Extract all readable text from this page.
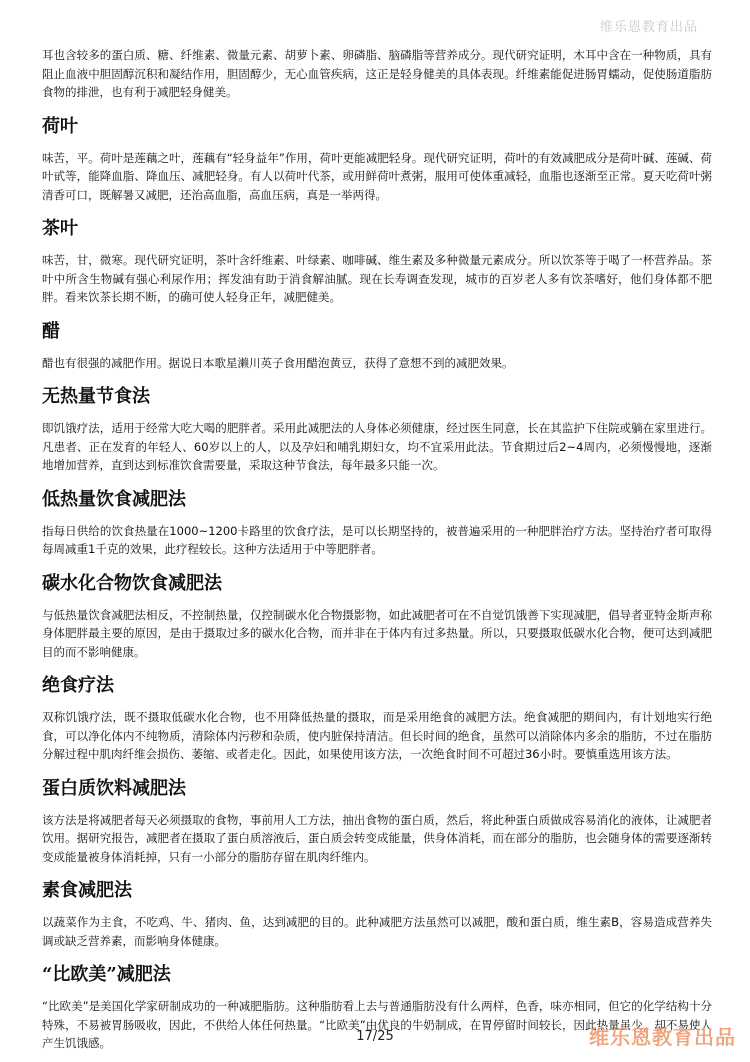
维乐恩教育出品

耳也含较多的蛋白质、糖、纤维素、微量元素、胡萝卜素、卵磷脂、脑磷脂等营养成分。现代研究证明，木耳中含在一种物质，具有阻止血液中胆固醇沉积和凝结作用，胆固醇少，无心血管疾病，这正是轻身健美的具体表现。纤维素能促进肠胃蠕动，促使肠道脂肪食物的排泄，也有利于减肥轻身健美。

荷叶

味苦，平。荷叶是莲藕之叶，莲藕有“轻身益年”作用，荷叶更能减肥轻身。现代研究证明，荷叶的有效减肥成分是荷叶碱、莲碱、荷叶甙等，能降血脂、降血压、减肥轻身。有人以荷叶代茶，或用鲜荷叶煮粥，服用可使体重减轻，血脂也逐渐至正常。夏天吃荷叶粥清香可口，既解暑又减肥，还治高血脂，高血压病，真是一举两得。

茶叶

味苦，甘，微寒。现代研究证明，茶叶含纤维素、叶绿素、咖啡碱、维生素及多种微量元素成分。所以饮茶等于喝了一杯营养品。茶叶中所含生物碱有强心利尿作用；挥发油有助于消食解油腻。现在长寿调查发现，城市的百岁老人多有饮茶嗜好，他们身体都不肥胖。看来饮茶长期不断，的确可使人轻身正年，减肥健美。

醋

醋也有很强的减肥作用。据说日本歌星濑川英子食用醋泡黄豆，获得了意想不到的减肥效果。

无热量节食法

即饥饿疗法，适用于经常大吃大喝的肥胖者。采用此减肥法的人身体必须健康，经过医生同意，长在其监护下住院或躺在家里进行。凡患者、正在发育的年轻人、60岁以上的人，以及孕妇和哺乳期妇女，均不宜采用此法。节食期过后2~4周内，必须慢慢地，逐渐地增加营养，直到达到标准饮食需要量，采取这种节食法，每年最多只能一次。

低热量饮食减肥法

指每日供给的饮食热量在1000~1200卡路里的饮食疗法，是可以长期坚持的，被普遍采用的一种肥胖治疗方法。坚持治疗者可取得每周减重1千克的效果，此疗程较长。这种方法适用于中等肥胖者。

碳水化合物饮食减肥法

与低热量饮食减肥法相反，不控制热量，仅控制碳水化合物摄影物，如此减肥者可在不自觉饥饿善下实现减肥，倡导者亚特金斯声称身体肥胖最主要的原因，是由于摄取过多的碳水化合物，而并非在于体内有过多热量。所以，只要摄取低碳水化合物，便可达到减肥目的而不影响健康。

绝食疗法

双称饥饿疗法，既不摄取低碳水化合物，也不用降低热量的摄取，而是采用绝食的减肥方法。绝食减肥的期间内，有计划地实行绝食，可以净化体内不纯物质，清除体内污秽和杂质，使内脏保持清洁。但长时间的绝食，虽然可以消除体内多余的脂肪，不过在脂肪分解过程中肌肉纤维会损伤、萎缩、或者走化。因此，如果使用该方法，一次绝食时间不可超过36小时。要慎重选用该方法。

蛋白质饮料减肥法

该方法是将减肥者每天必须摄取的食物，事前用人工方法，抽出食物的蛋白质，然后，将此种蛋白质做成容易消化的液体，让减肥者饮用。据研究报告，减肥者在摄取了蛋白质溶液后，蛋白质会转变成能量，供身体消耗，而在部分的脂肪，也会随身体的需要逐渐转变成能量被身体消耗掉，只有一小部分的脂肪存留在肌肉纤维内。

素食减肥法

以蔬菜作为主食，不吃鸡、牛、猪肉、鱼，达到减肥的目的。此种减肥方法虽然可以减肥，酸和蛋白质，维生素B，容易造成营养失调或缺乏营养素，而影响身体健康。

“比欧美”减肥法

“比欧美”是美国化学家研制成功的一种减肥脂肪。这种脂肪看上去与普通脂肪没有什么两样，色香，味亦相同，但它的化学结构十分特殊，不易被胃肠吸收，因此，不供给人体任何热量。“比欧美”由优良的牛奶制成，在胃停留时间较长，因此热量虽少，却不易使人产生饥饿感。	17/25	维乐恩教育出品
